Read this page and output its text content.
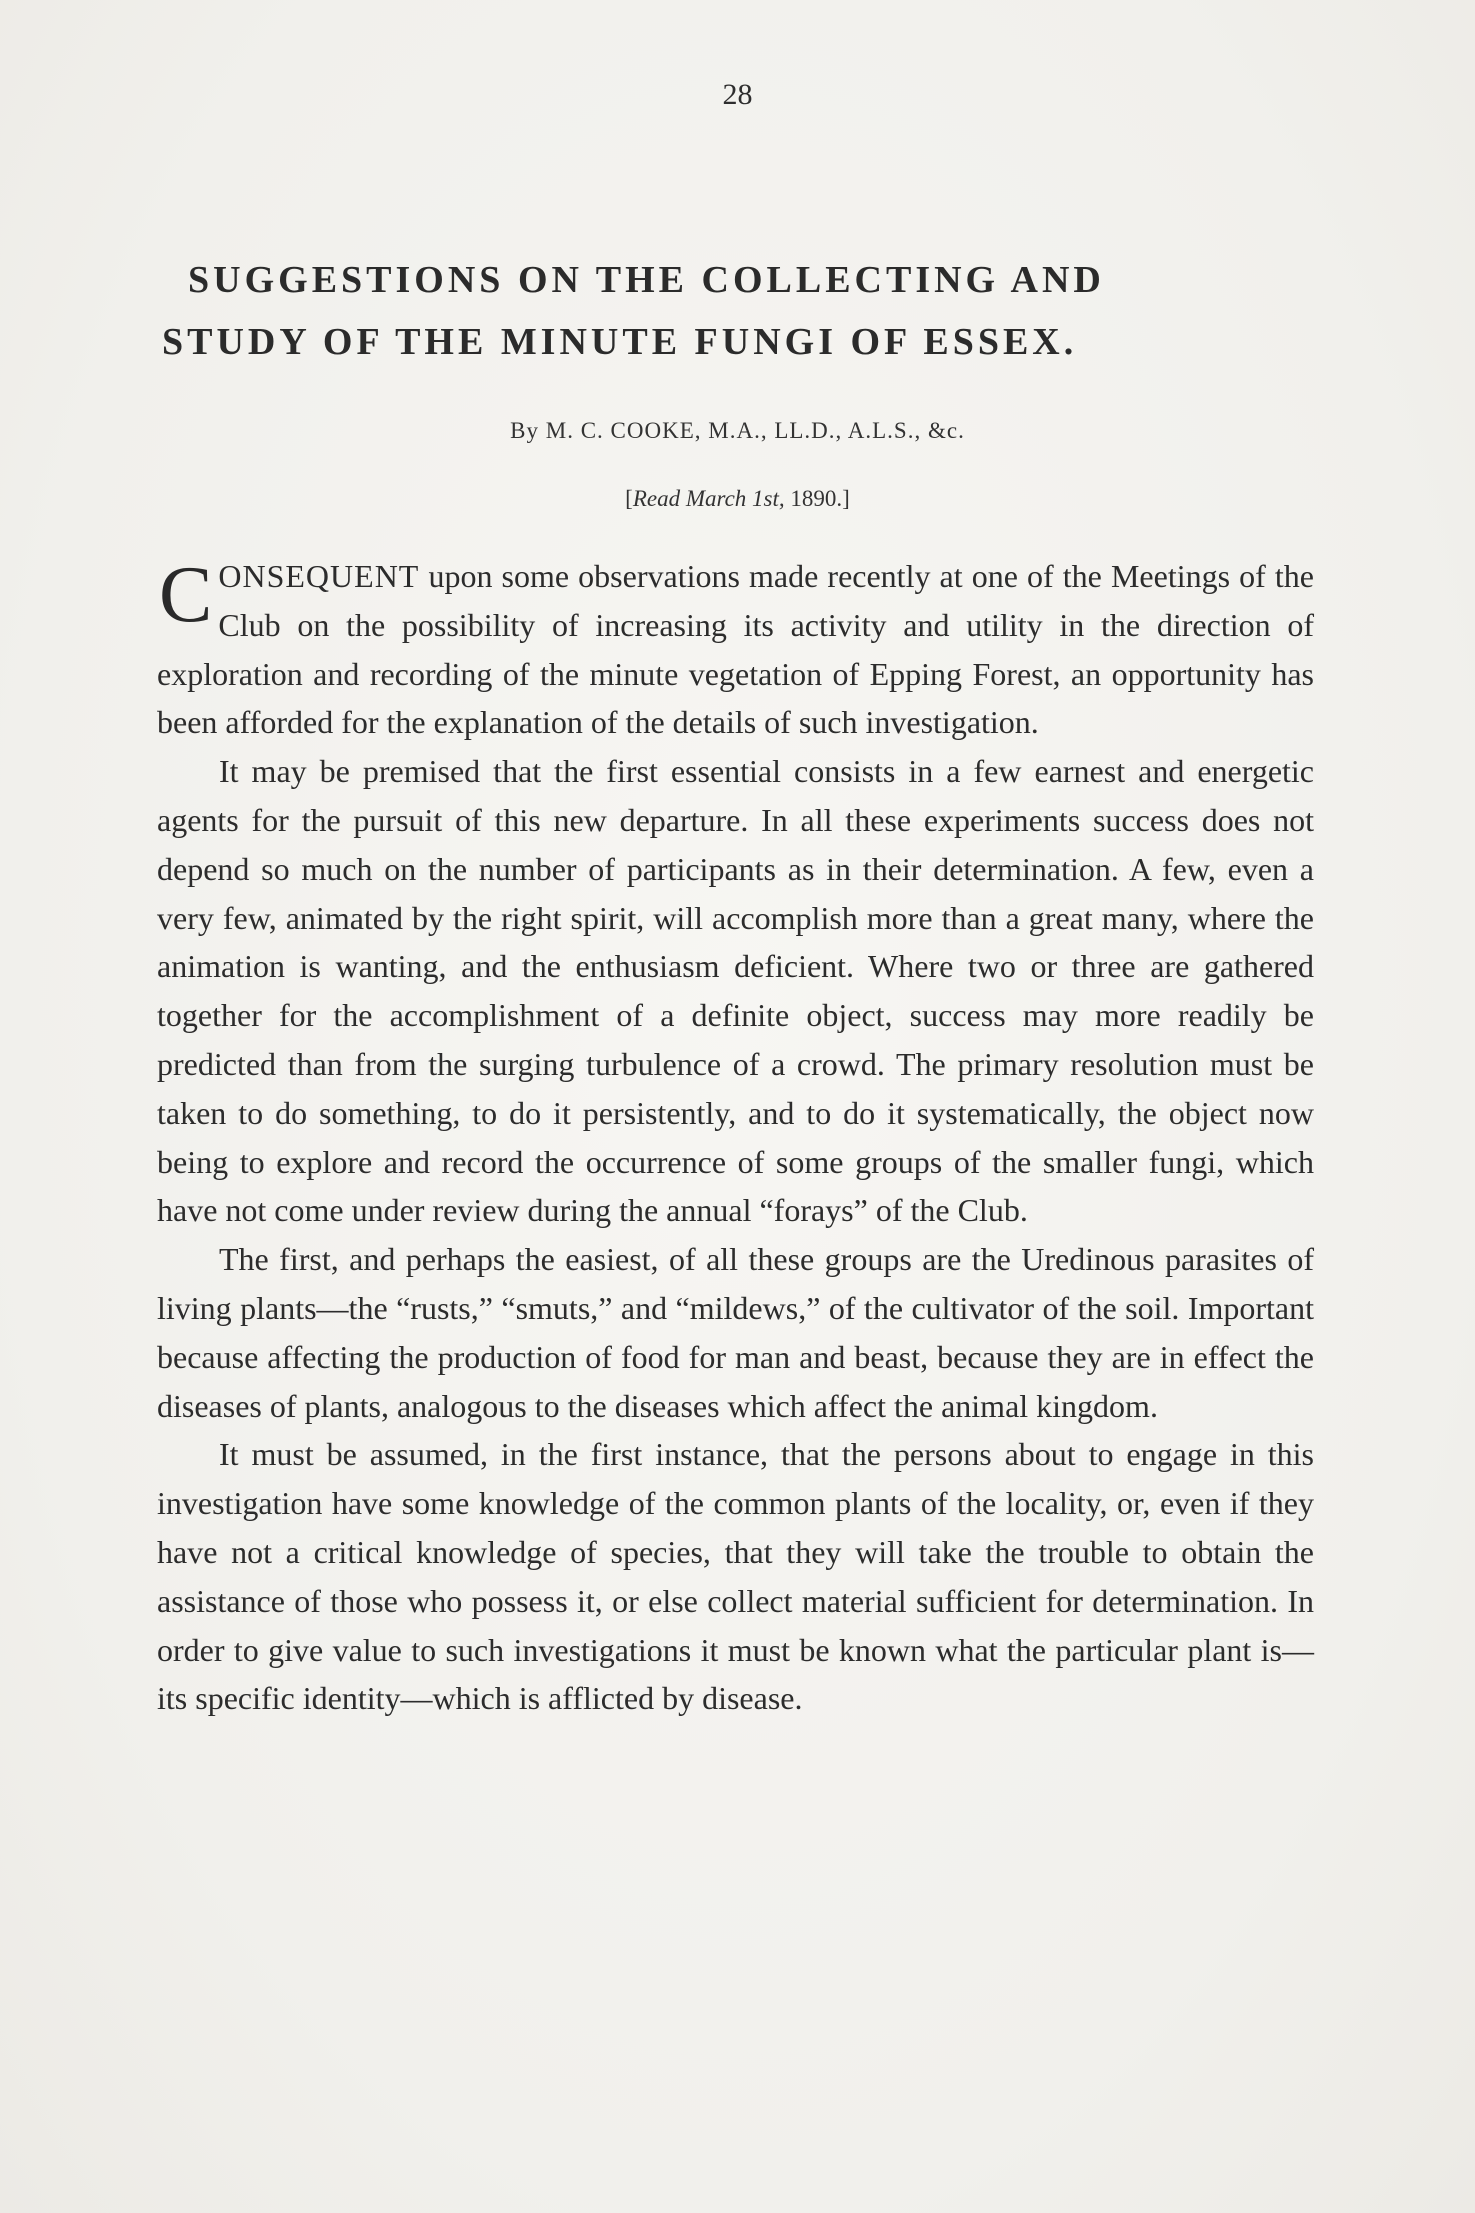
28
SUGGESTIONS ON THE COLLECTING AND
STUDY OF THE MINUTE FUNGI OF ESSEX.
By M. C. COOKE, M.A., LL.D., A.L.S., &c.
[Read March 1st, 1890.]

CONSEQUENT upon some observations made recently at one of the Meetings of the Club on the possibility of increasing its activity and utility in the direction of exploration and recording of the minute vegetation of Epping Forest, an opportunity has been afforded for the explanation of the details of such investigation.

It may be premised that the first essential consists in a few earnest and energetic agents for the pursuit of this new departure. In all these experiments success does not depend so much on the number of participants as in their determination. A few, even a very few, animated by the right spirit, will accomplish more than a great many, where the animation is wanting, and the enthusiasm deficient. Where two or three are gathered together for the accomplishment of a definite object, success may more readily be predicted than from the surging turbulence of a crowd. The primary resolution must be taken to do something, to do it persistently, and to do it systematically, the object now being to explore and record the occurrence of some groups of the smaller fungi, which have not come under review during the annual “forays” of the Club.

The first, and perhaps the easiest, of all these groups are the Uredinous parasites of living plants—the “rusts,” “smuts,” and “mildews,” of the cultivator of the soil. Important because affecting the production of food for man and beast, because they are in effect the diseases of plants, analogous to the diseases which affect the animal kingdom.

It must be assumed, in the first instance, that the persons about to engage in this investigation have some knowledge of the common plants of the locality, or, even if they have not a critical knowledge of species, that they will take the trouble to obtain the assistance of those who possess it, or else collect material sufficient for determination. In order to give value to such investigations it must be known what the particular plant is—its specific identity—which is afflicted by disease.
